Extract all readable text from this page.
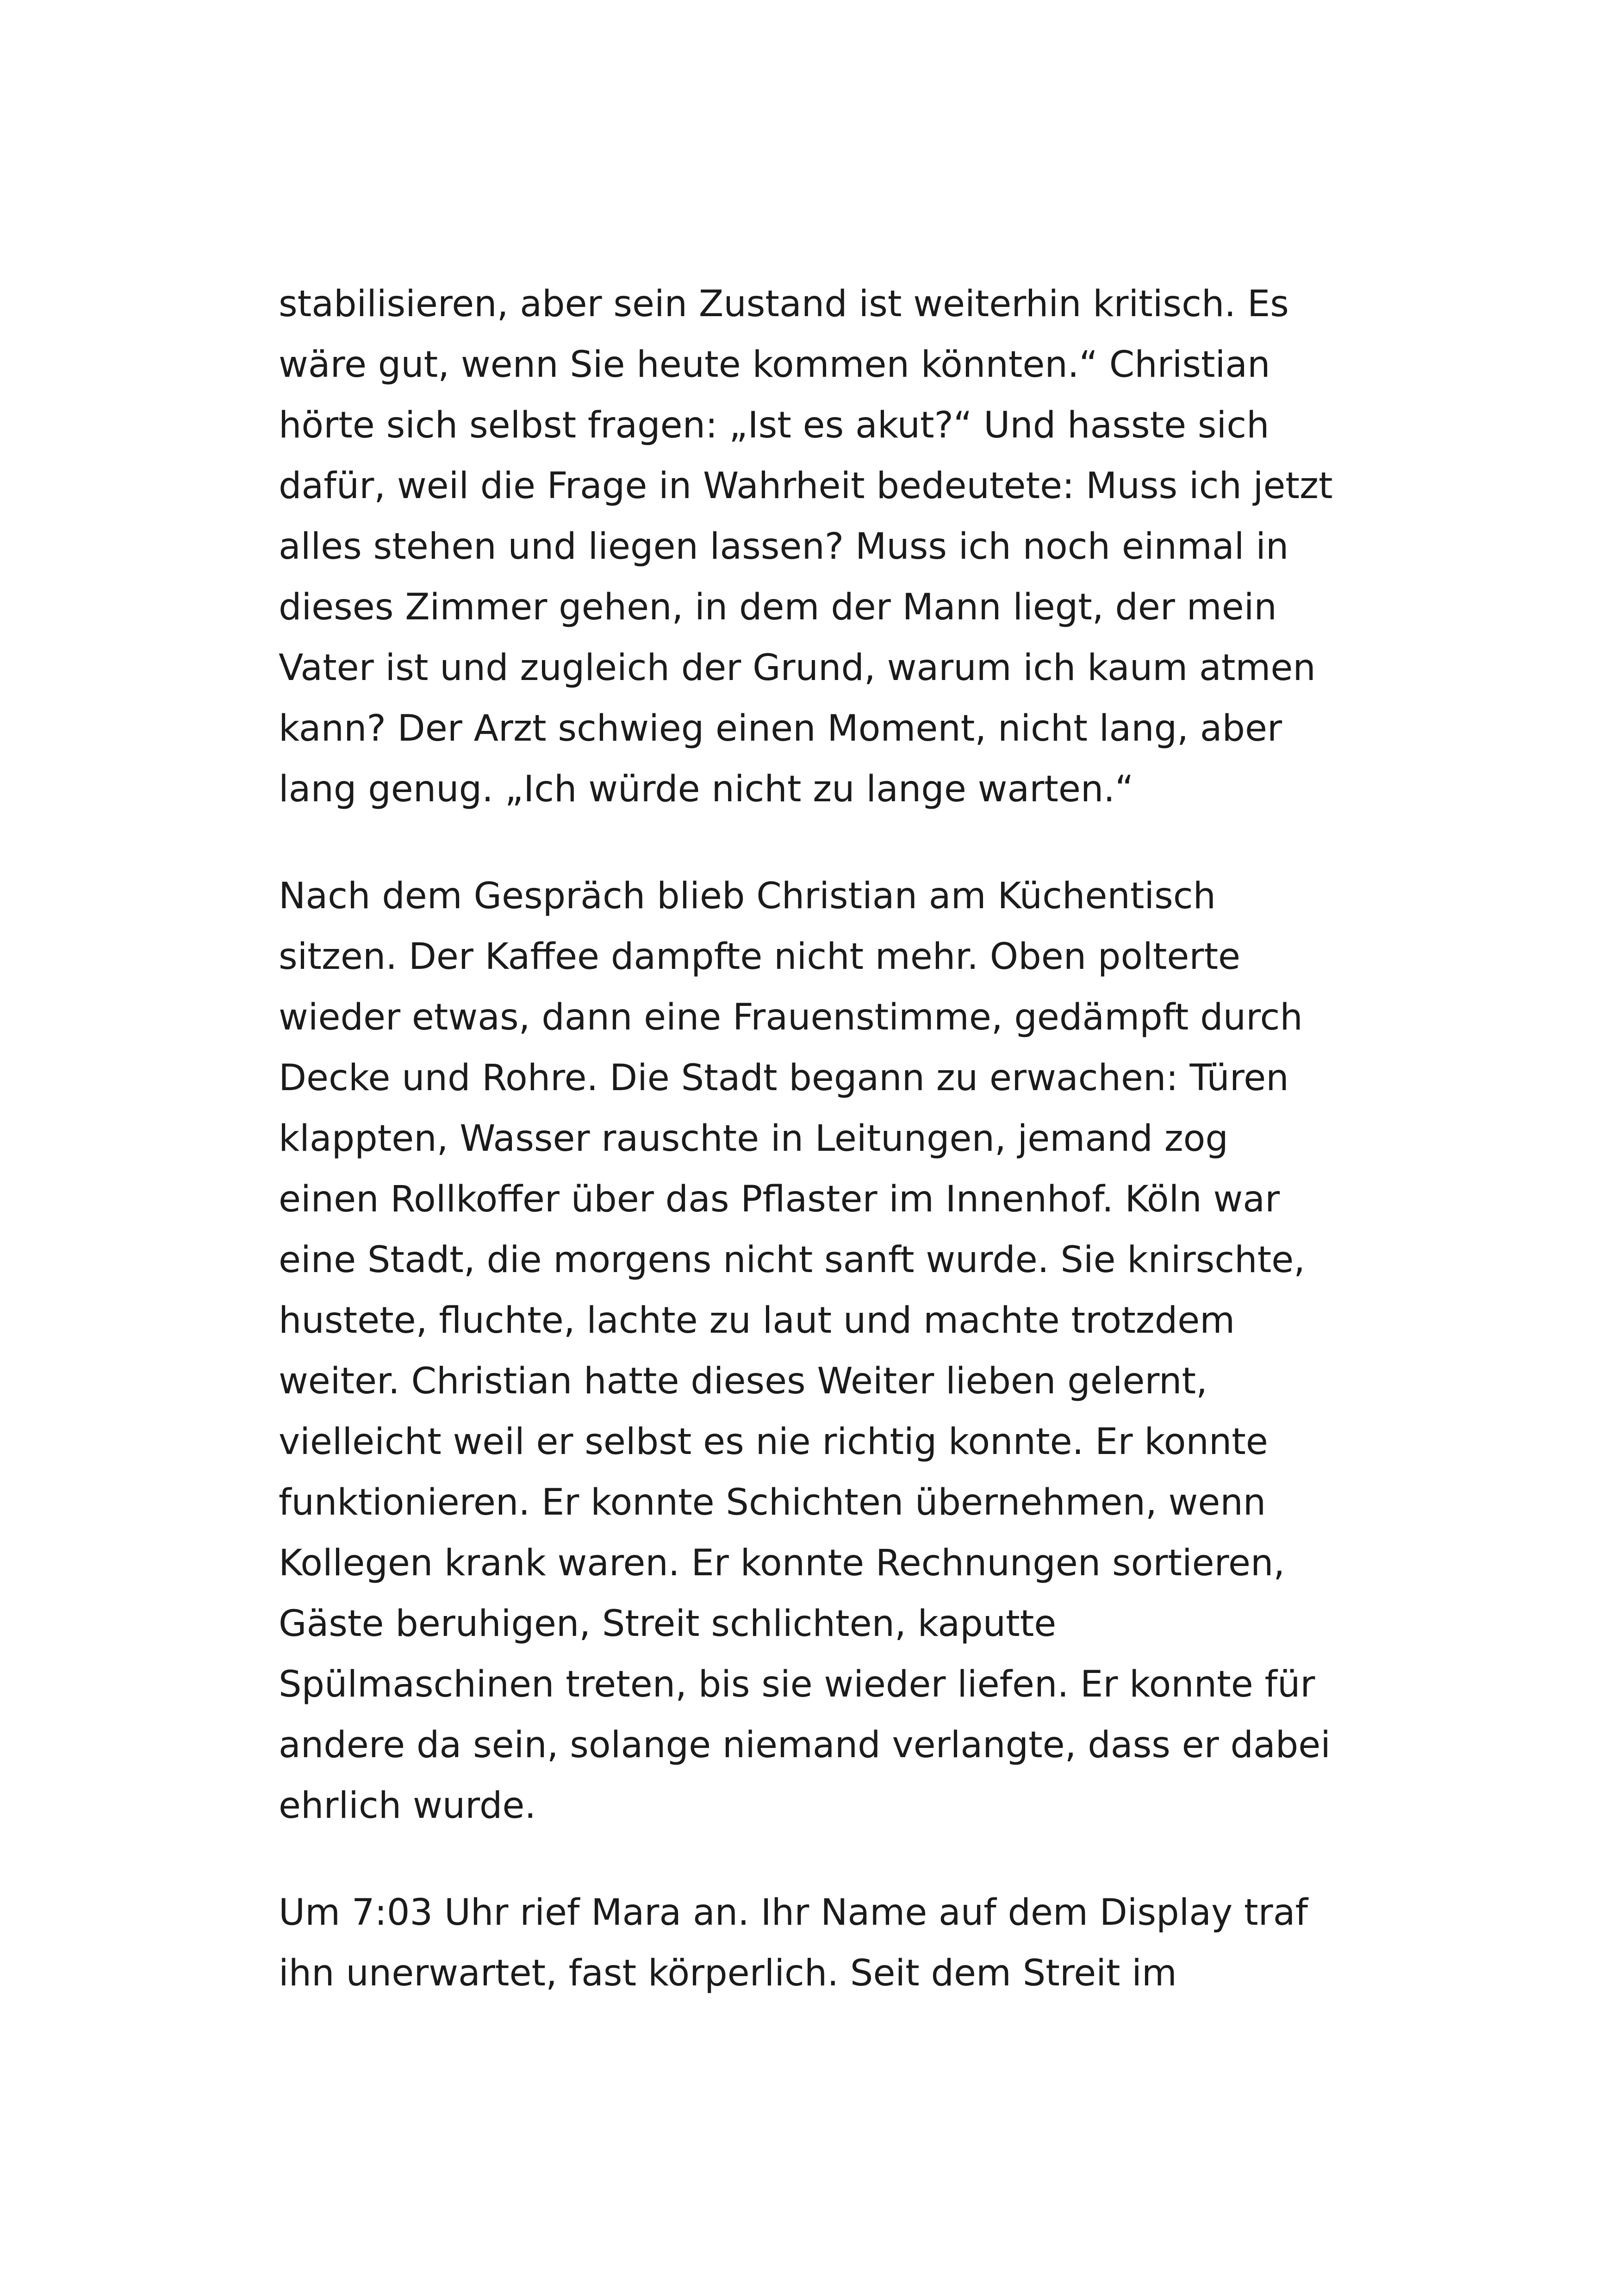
stabilisieren, aber sein Zustand ist weiterhin kritisch. Es
wäre gut, wenn Sie heute kommen könnten.“ Christian
hörte sich selbst fragen: „Ist es akut?“ Und hasste sich
dafür, weil die Frage in Wahrheit bedeutete: Muss ich jetzt
alles stehen und liegen lassen? Muss ich noch einmal in
dieses Zimmer gehen, in dem der Mann liegt, der mein
Vater ist und zugleich der Grund, warum ich kaum atmen
kann? Der Arzt schwieg einen Moment, nicht lang, aber
lang genug. „Ich würde nicht zu lange warten.“

Nach dem Gespräch blieb Christian am Küchentisch
sitzen. Der Kaffee dampfte nicht mehr. Oben polterte
wieder etwas, dann eine Frauenstimme, gedämpft durch
Decke und Rohre. Die Stadt begann zu erwachen: Türen
klappten, Wasser rauschte in Leitungen, jemand zog
einen Rollkoffer über das Pflaster im Innenhof. Köln war
eine Stadt, die morgens nicht sanft wurde. Sie knirschte,
hustete, fluchte, lachte zu laut und machte trotzdem
weiter. Christian hatte dieses Weiter lieben gelernt,
vielleicht weil er selbst es nie richtig konnte. Er konnte
funktionieren. Er konnte Schichten übernehmen, wenn
Kollegen krank waren. Er konnte Rechnungen sortieren,
Gäste beruhigen, Streit schlichten, kaputte
Spülmaschinen treten, bis sie wieder liefen. Er konnte für
andere da sein, solange niemand verlangte, dass er dabei
ehrlich wurde.

Um 7:03 Uhr rief Mara an. Ihr Name auf dem Display traf
ihn unerwartet, fast körperlich. Seit dem Streit im
